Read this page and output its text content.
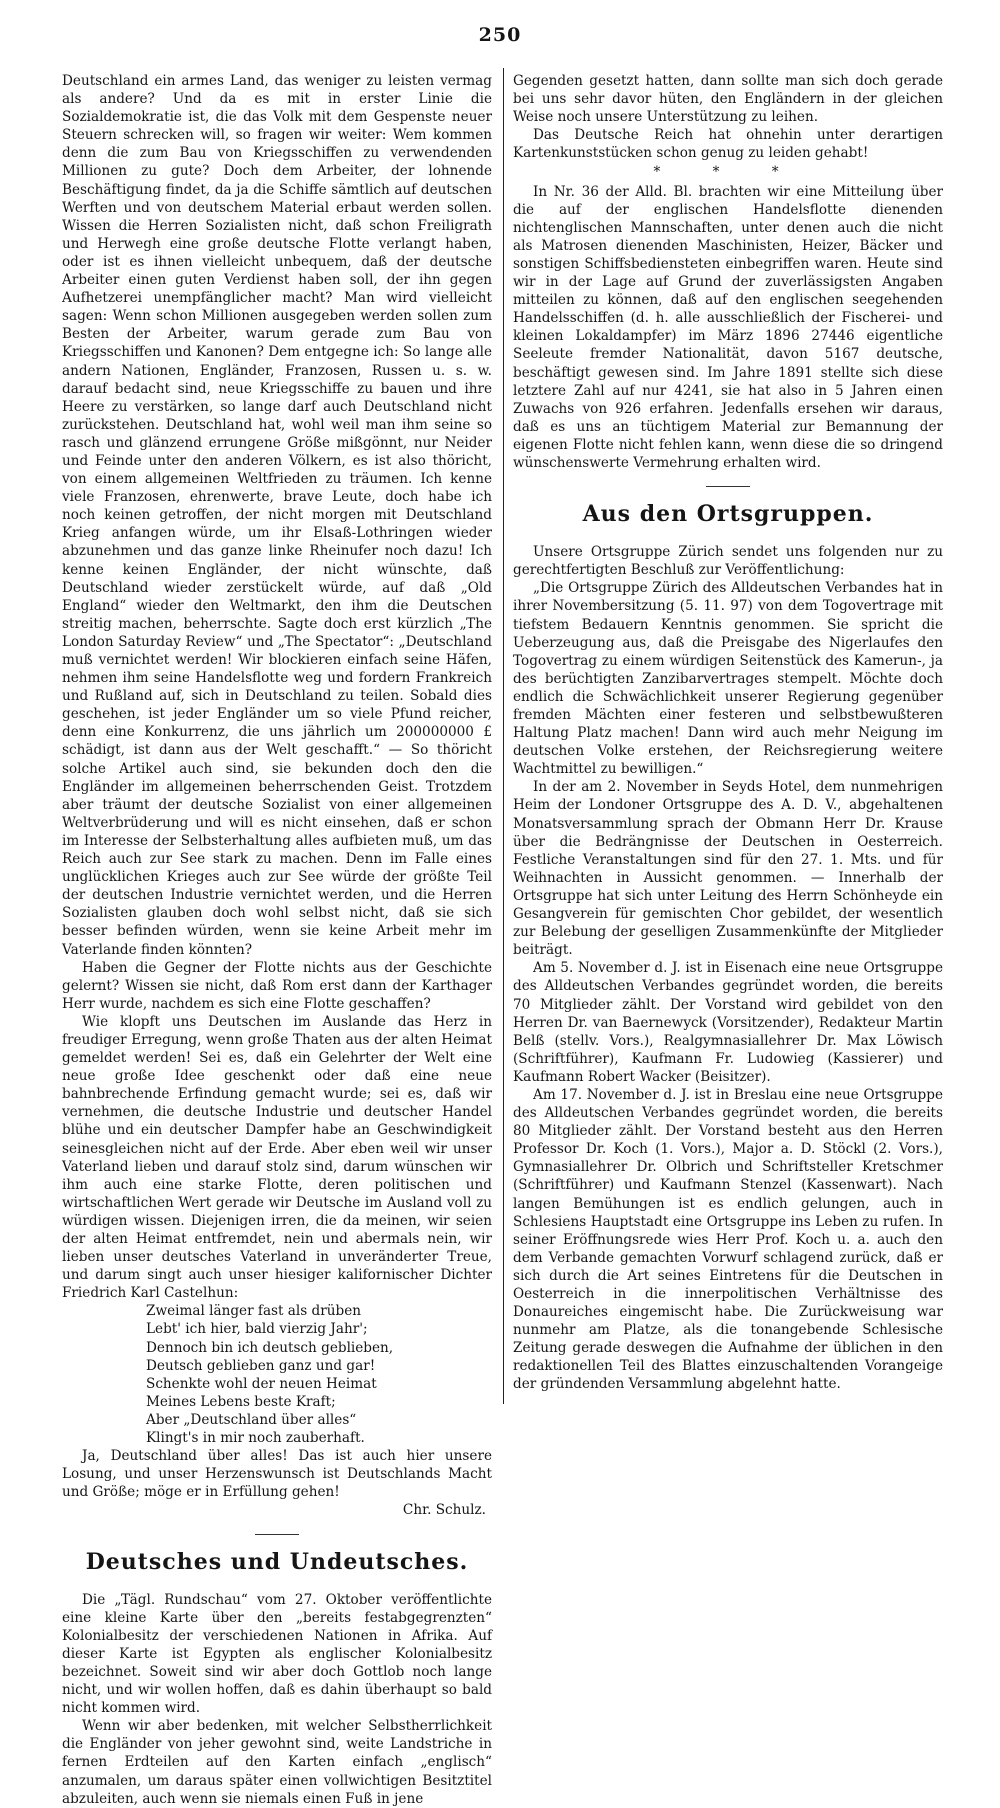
250

Deutschland ein armes Land, das weniger zu leisten vermag als andere? Und da es mit in erster Linie die Sozialdemokratie ist, die das Volk mit dem Gespenste neuer Steuern schrecken will, so fragen wir weiter: Wem kommen denn die zum Bau von Kriegsschiffen zu verwendenden Millionen zu gute? Doch dem Arbeiter, der lohnende Beschäftigung findet, da ja die Schiffe sämtlich auf deutschen Werften und von deutschem Material erbaut werden sollen. Wissen die Herren Sozialisten nicht, daß schon Freiligrath und Herwegh eine große deutsche Flotte verlangt haben, oder ist es ihnen vielleicht unbequem, daß der deutsche Arbeiter einen guten Verdienst haben soll, der ihn gegen Aufhetzerei unempfänglicher macht? Man wird vielleicht sagen: Wenn schon Millionen ausgegeben werden sollen zum Besten der Arbeiter, warum gerade zum Bau von Kriegsschiffen und Kanonen? Dem entgegne ich: So lange alle andern Nationen, Engländer, Franzosen, Russen u. s. w. darauf bedacht sind, neue Kriegsschiffe zu bauen und ihre Heere zu verstärken, so lange darf auch Deutschland nicht zurückstehen. Deutschland hat, wohl weil man ihm seine so rasch und glänzend errungene Größe mißgönnt, nur Neider und Feinde unter den anderen Völkern, es ist also thöricht, von einem allgemeinen Weltfrieden zu träumen. Ich kenne viele Franzosen, ehrenwerte, brave Leute, doch habe ich noch keinen getroffen, der nicht morgen mit Deutschland Krieg anfangen würde, um ihr Elsaß-Lothringen wieder abzunehmen und das ganze linke Rheinufer noch dazu! Ich kenne keinen Engländer, der nicht wünschte, daß Deutschland wieder zerstückelt würde, auf daß „Old England“ wieder den Weltmarkt, den ihm die Deutschen streitig machen, beherrschte. Sagte doch erst kürzlich „The London Saturday Review“ und „The Spectator“: „Deutschland muß vernichtet werden! Wir blockieren einfach seine Häfen, nehmen ihm seine Handelsflotte weg und fordern Frankreich und Rußland auf, sich in Deutschland zu teilen. Sobald dies geschehen, ist jeder Engländer um so viele Pfund reicher, denn eine Konkurrenz, die uns jährlich um 200000000 £ schädigt, ist dann aus der Welt geschafft.“ — So thöricht solche Artikel auch sind, sie bekunden doch den die Engländer im allgemeinen beherrschenden Geist. Trotzdem aber träumt der deutsche Sozialist von einer allgemeinen Weltverbrüderung und will es nicht einsehen, daß er schon im Interesse der Selbsterhaltung alles aufbieten muß, um das Reich auch zur See stark zu machen. Denn im Falle eines unglücklichen Krieges auch zur See würde der größte Teil der deutschen Industrie vernichtet werden, und die Herren Sozialisten glauben doch wohl selbst nicht, daß sie sich besser befinden würden, wenn sie keine Arbeit mehr im Vaterlande finden könnten?

Haben die Gegner der Flotte nichts aus der Geschichte gelernt? Wissen sie nicht, daß Rom erst dann der Karthager Herr wurde, nachdem es sich eine Flotte geschaffen?

Wie klopft uns Deutschen im Auslande das Herz in freudiger Erregung, wenn große Thaten aus der alten Heimat gemeldet werden! Sei es, daß ein Gelehrter der Welt eine neue große Idee geschenkt oder daß eine neue bahnbrechende Erfindung gemacht wurde; sei es, daß wir vernehmen, die deutsche Industrie und deutscher Handel blühe und ein deutscher Dampfer habe an Geschwindigkeit seinesgleichen nicht auf der Erde. Aber eben weil wir unser Vaterland lieben und darauf stolz sind, darum wünschen wir ihm auch eine starke Flotte, deren politischen und wirtschaftlichen Wert gerade wir Deutsche im Ausland voll zu würdigen wissen. Diejenigen irren, die da meinen, wir seien der alten Heimat entfremdet, nein und abermals nein, wir lieben unser deutsches Vaterland in unveränderter Treue, und darum singt auch unser hiesiger kalifornischer Dichter Friedrich Karl Castelhun:

Zweimal länger fast als drüben
Lebt' ich hier, bald vierzig Jahr';
Dennoch bin ich deutsch geblieben,
Deutsch geblieben ganz und gar!
Schenkte wohl der neuen Heimat
Meines Lebens beste Kraft;
Aber „Deutschland über alles“
Klingt's in mir noch zauberhaft.

Ja, Deutschland über alles! Das ist auch hier unsere Losung, und unser Herzenswunsch ist Deutschlands Macht und Größe; möge er in Erfüllung gehen!

Chr. Schulz.
Deutsches und Undeutsches.

Die „Tägl. Rundschau“ vom 27. Oktober veröffentlichte eine kleine Karte über den „bereits festabgegrenzten“ Kolonialbesitz der verschiedenen Nationen in Afrika. Auf dieser Karte ist Egypten als englischer Kolonialbesitz bezeichnet. Soweit sind wir aber doch Gottlob noch lange nicht, und wir wollen hoffen, daß es dahin überhaupt so bald nicht kommen wird.

Wenn wir aber bedenken, mit welcher Selbstherrlichkeit die Engländer von jeher gewohnt sind, weite Landstriche in fernen Erdteilen auf den Karten einfach „englisch“ anzumalen, um daraus später einen vollwichtigen Besitztitel abzuleiten, auch wenn sie niemals einen Fuß in jene

Gegenden gesetzt hatten, dann sollte man sich doch gerade bei uns sehr davor hüten, den Engländern in der gleichen Weise noch unsere Unterstützung zu leihen.

Das Deutsche Reich hat ohnehin unter derartigen Kartenkunststücken schon genug zu leiden gehabt!

* * *

In Nr. 36 der Alld. Bl. brachten wir eine Mitteilung über die auf der englischen Handelsflotte dienenden nichtenglischen Mannschaften, unter denen auch die nicht als Matrosen dienenden Maschinisten, Heizer, Bäcker und sonstigen Schiffsbediensteten einbegriffen waren. Heute sind wir in der Lage auf Grund der zuverlässigsten Angaben mitteilen zu können, daß auf den englischen seegehenden Handelsschiffen (d. h. alle ausschließlich der Fischerei- und kleinen Lokaldampfer) im März 1896 27446 eigentliche Seeleute fremder Nationalität, davon 5167 deutsche, beschäftigt gewesen sind. Im Jahre 1891 stellte sich diese letztere Zahl auf nur 4241, sie hat also in 5 Jahren einen Zuwachs von 926 erfahren. Jedenfalls ersehen wir daraus, daß es uns an tüchtigem Material zur Bemannung der eigenen Flotte nicht fehlen kann, wenn diese die so dringend wünschenswerte Vermehrung erhalten wird.

Aus den Ortsgruppen.

Unsere Ortsgruppe Zürich sendet uns folgenden nur zu gerechtfertigten Beschluß zur Veröffentlichung:

„Die Ortsgruppe Zürich des Alldeutschen Verbandes hat in ihrer Novembersitzung (5. 11. 97) von dem Togovertrage mit tiefstem Bedauern Kenntnis genommen. Sie spricht die Ueberzeugung aus, daß die Preisgabe des Nigerlaufes den Togovertrag zu einem würdigen Seitenstück des Kamerun-, ja des berüchtigten Zanzibarvertrages stempelt. Möchte doch endlich die Schwächlichkeit unserer Regierung gegenüber fremden Mächten einer festeren und selbstbewußteren Haltung Platz machen! Dann wird auch mehr Neigung im deutschen Volke erstehen, der Reichsregierung weitere Wachtmittel zu bewilligen.“

In der am 2. November in Seyds Hotel, dem nunmehrigen Heim der Londoner Ortsgruppe des A. D. V., abgehaltenen Monatsversammlung sprach der Obmann Herr Dr. Krause über die Bedrängnisse der Deutschen in Oesterreich. Festliche Veranstaltungen sind für den 27. 1. Mts. und für Weihnachten in Aussicht genommen. — Innerhalb der Ortsgruppe hat sich unter Leitung des Herrn Schönheyde ein Gesangverein für gemischten Chor gebildet, der wesentlich zur Belebung der geselligen Zusammenkünfte der Mitglieder beiträgt.

Am 5. November d. J. ist in Eisenach eine neue Ortsgruppe des Alldeutschen Verbandes gegründet worden, die bereits 70 Mitglieder zählt. Der Vorstand wird gebildet von den Herren Dr. van Baernewyck (Vorsitzender), Redakteur Martin Belß (stellv. Vors.), Realgymnasiallehrer Dr. Max Löwisch (Schriftführer), Kaufmann Fr. Ludowieg (Kassierer) und Kaufmann Robert Wacker (Beisitzer).

Am 17. November d. J. ist in Breslau eine neue Ortsgruppe des Alldeutschen Verbandes gegründet worden, die bereits 80 Mitglieder zählt. Der Vorstand besteht aus den Herren Professor Dr. Koch (1. Vors.), Major a. D. Stöckl (2. Vors.), Gymnasiallehrer Dr. Olbrich und Schriftsteller Kretschmer (Schriftführer) und Kaufmann Stenzel (Kassenwart). Nach langen Bemühungen ist es endlich gelungen, auch in Schlesiens Hauptstadt eine Ortsgruppe ins Leben zu rufen. In seiner Eröffnungsrede wies Herr Prof. Koch u. a. auch den dem Verbande gemachten Vorwurf schlagend zurück, daß er sich durch die Art seines Eintretens für die Deutschen in Oesterreich in die innerpolitischen Verhältnisse des Donaureiches eingemischt habe. Die Zurückweisung war nunmehr am Platze, als die tonangebende Schlesische Zeitung gerade deswegen die Aufnahme der üblichen in den redaktionellen Teil des Blattes einzuschaltenden Vorangeige der gründenden Versammlung abgelehnt hatte.
